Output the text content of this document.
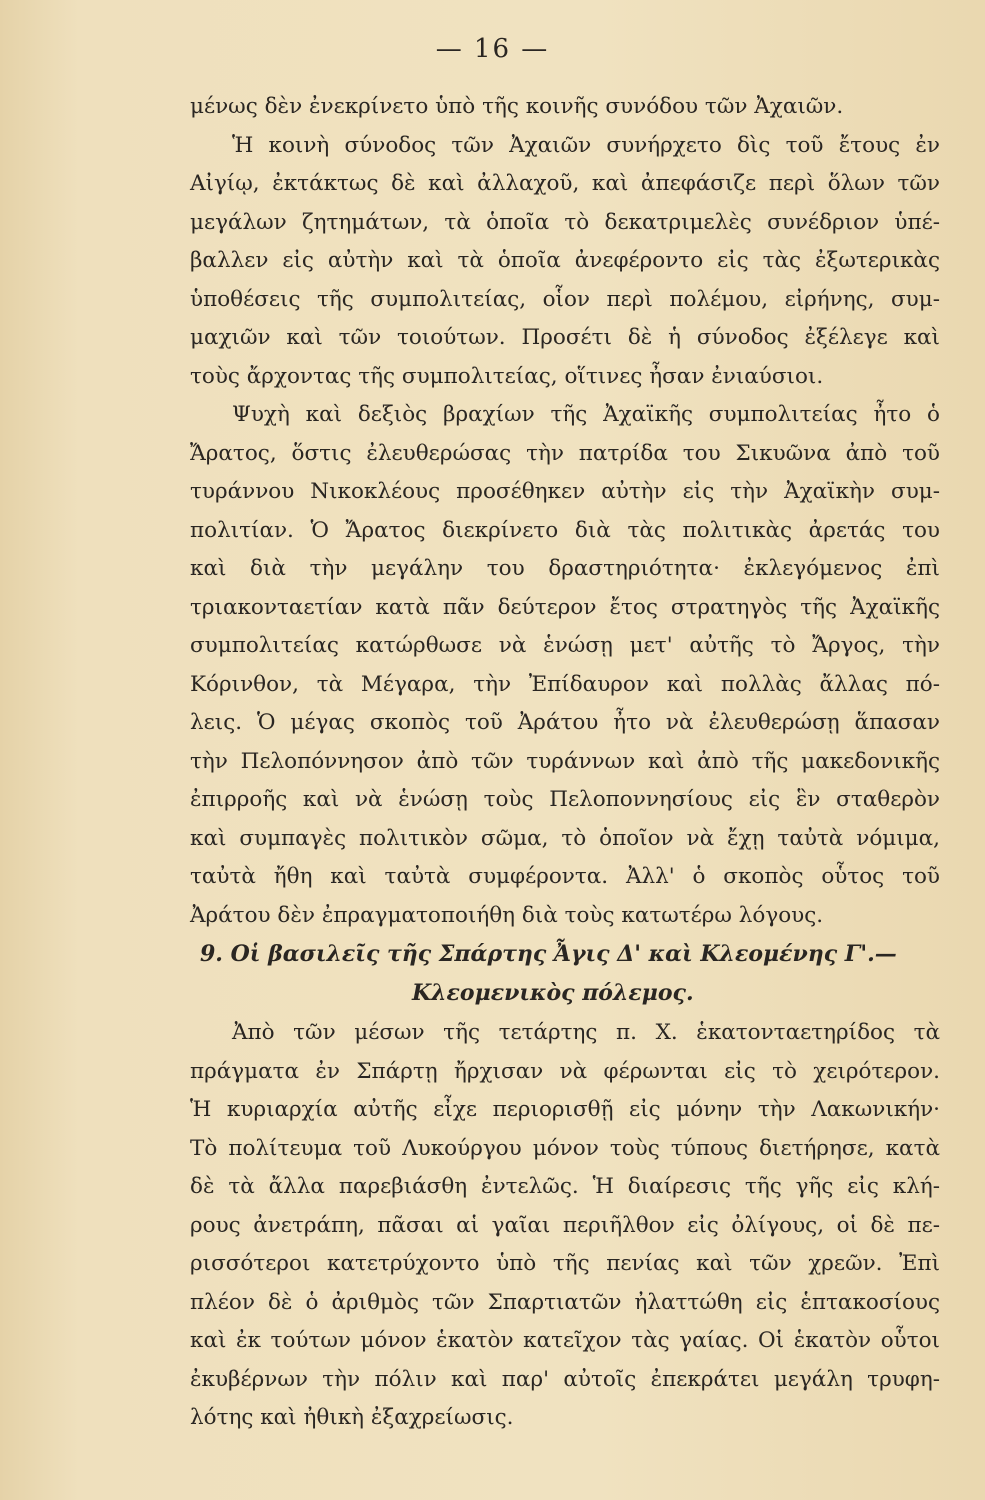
— 16 —
μένως δὲν ἐνεκρίνετο ὑπὸ τῆς κοινῆς συνόδου τῶν Ἀχαιῶν.
Ἡ κοινὴ σύνοδος τῶν Ἀχαιῶν συνήρχετο δὶς τοῦ ἔτους ἐν
Αἰγίῳ, ἐκτάκτως δὲ καὶ ἀλλαχοῦ, καὶ ἀπεφάσιζε περὶ ὅλων τῶν
μεγάλων ζητημάτων, τὰ ὁποῖα τὸ δεκατριμελὲς συνέδριον ὑπέ-
βαλλεν εἰς αὐτὴν καὶ τὰ ὁποῖα ἀνεφέροντο εἰς τὰς ἐξωτερικὰς
ὑποθέσεις τῆς συμπολιτείας, οἷον περὶ πολέμου, εἰρήνης, συμ-
μαχιῶν καὶ τῶν τοιούτων. Προσέτι δὲ ἡ σύνοδος ἐξέλεγε καὶ
τοὺς ἄρχοντας τῆς συμπολιτείας, οἵτινες ἦσαν ἐνιαύσιοι.
Ψυχὴ καὶ δεξιὸς βραχίων τῆς Ἀχαϊκῆς συμπολιτείας ἦτο ὁ
Ἄρατος, ὅστις ἐλευθερώσας τὴν πατρίδα του Σικυῶνα ἀπὸ τοῦ
τυράννου Νικοκλέους προσέθηκεν αὐτὴν εἰς τὴν Ἀχαϊκὴν συμ-
πολιτίαν. Ὁ Ἄρατος διεκρίνετο διὰ τὰς πολιτικὰς ἀρετάς του
καὶ διὰ τὴν μεγάλην του δραστηριότητα· ἐκλεγόμενος ἐπὶ
τριακονταετίαν κατὰ πᾶν δεύτερον ἔτος στρατηγὸς τῆς Ἀχαϊκῆς
συμπολιτείας κατώρθωσε νὰ ἑνώσῃ μετ' αὐτῆς τὸ Ἄργος, τὴν
Κόρινθον, τὰ Μέγαρα, τὴν Ἐπίδαυρον καὶ πολλὰς ἄλλας πό-
λεις. Ὁ μέγας σκοπὸς τοῦ Ἀράτου ἦτο νὰ ἐλευθερώσῃ ἅπασαν
τὴν Πελοπόννησον ἀπὸ τῶν τυράννων καὶ ἀπὸ τῆς μακεδονικῆς
ἐπιρροῆς καὶ νὰ ἑνώσῃ τοὺς Πελοποννησίους εἰς ἓν σταθερὸν
καὶ συμπαγὲς πολιτικὸν σῶμα, τὸ ὁποῖον νὰ ἔχῃ ταὐτὰ νόμιμα,
ταὐτὰ ἤθη καὶ ταὐτὰ συμφέροντα. Ἀλλ' ὁ σκοπὸς οὗτος τοῦ
Ἀράτου δὲν ἐπραγματοποιήθη διὰ τοὺς κατωτέρω λόγους.
9. Οἱ βασιλεῖς τῆς Σπάρτης Ἆγις Δ' καὶ Κλεομένης Γ'.—
Κλεομενικὸς πόλεμος.
Ἀπὸ τῶν μέσων τῆς τετάρτης π. Χ. ἑκατονταετηρίδος τὰ
πράγματα ἐν Σπάρτῃ ἤρχισαν νὰ φέρωνται εἰς τὸ χειρότερον.
Ἡ κυριαρχία αὐτῆς εἶχε περιορισθῇ εἰς μόνην τὴν Λακωνικήν·
Τὸ πολίτευμα τοῦ Λυκούργου μόνον τοὺς τύπους διετήρησε, κατὰ
δὲ τὰ ἄλλα παρεβιάσθη ἐντελῶς. Ἡ διαίρεσις τῆς γῆς εἰς κλή-
ρους ἀνετράπη, πᾶσαι αἱ γαῖαι περιῆλθον εἰς ὀλίγους, οἱ δὲ πε-
ρισσότεροι κατετρύχοντο ὑπὸ τῆς πενίας καὶ τῶν χρεῶν. Ἐπὶ
πλέον δὲ ὁ ἀριθμὸς τῶν Σπαρτιατῶν ἠλαττώθη εἰς ἑπτακοσίους
καὶ ἐκ τούτων μόνον ἑκατὸν κατεῖχον τὰς γαίας. Οἱ ἑκατὸν οὗτοι
ἐκυβέρνων τὴν πόλιν καὶ παρ' αὐτοῖς ἐπεκράτει μεγάλη τρυφη-
λότης καὶ ἠθικὴ ἐξαχρείωσις.
